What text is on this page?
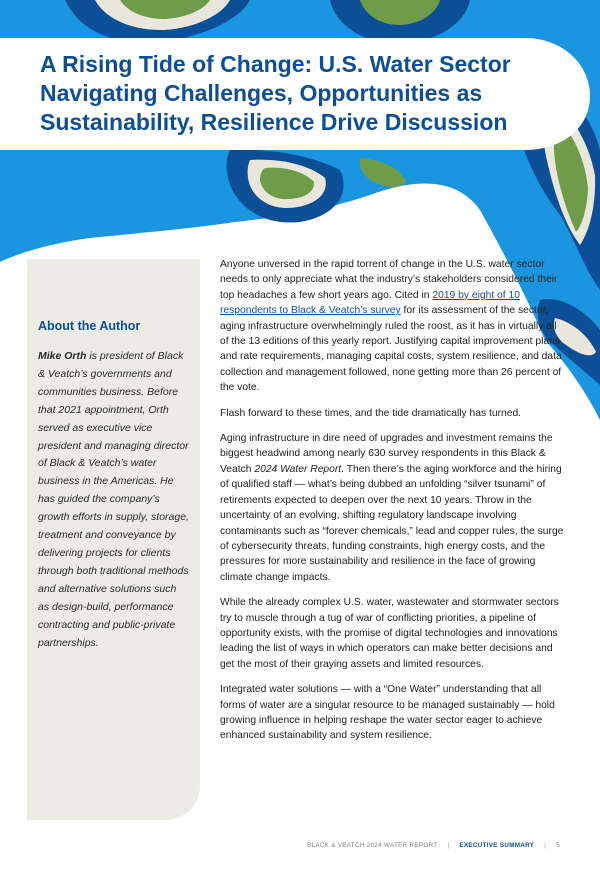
A Rising Tide of Change: U.S. Water Sector Navigating Challenges, Opportunities as Sustainability, Resilience Drive Discussion
About the Author

Mike Orth is president of Black & Veatch’s governments and communities business. Before that 2021 appointment, Orth served as executive vice president and managing director of Black & Veatch’s water business in the Americas. He has guided the company’s growth efforts in supply, storage, treatment and conveyance by delivering projects for clients through both traditional methods and alternative solutions such as design-build, performance contracting and public-private partnerships.

Anyone unversed in the rapid torrent of change in the U.S. water sector needs to only appreciate what the industry’s stakeholders considered their top headaches a few short years ago. Cited in 2019 by eight of 10 respondents to Black & Veatch’s survey for its assessment of the sector, aging infrastructure overwhelmingly ruled the roost, as it has in virtually all of the 13 editions of this yearly report. Justifying capital improvement plans and rate requirements, managing capital costs, system resilience, and data collection and management followed, none getting more than 26 percent of the vote.

Flash forward to these times, and the tide dramatically has turned.

Aging infrastructure in dire need of upgrades and investment remains the biggest headwind among nearly 630 survey respondents in this Black & Veatch 2024 Water Report. Then there’s the aging workforce and the hiring of qualified staff — what’s being dubbed an unfolding “silver tsunami” of retirements expected to deepen over the next 10 years. Throw in the uncertainty of an evolving, shifting regulatory landscape involving contaminants such as “forever chemicals,” lead and copper rules, the surge of cybersecurity threats, funding constraints, high energy costs, and the pressures for more sustainability and resilience in the face of growing climate change impacts.

While the already complex U.S. water, wastewater and stormwater sectors try to muscle through a tug of war of conflicting priorities, a pipeline of opportunity exists, with the promise of digital technologies and innovations leading the list of ways in which operators can make better decisions and get the most of their graying assets and limited resources.

Integrated water solutions — with a “One Water” understanding that all forms of water are a singular resource to be managed sustainably — hold growing influence in helping reshape the water sector eager to achieve enhanced sustainability and system resilience.

BLACK & VEATCH 2024 WATER REPORT | EXECUTIVE SUMMARY | 5
